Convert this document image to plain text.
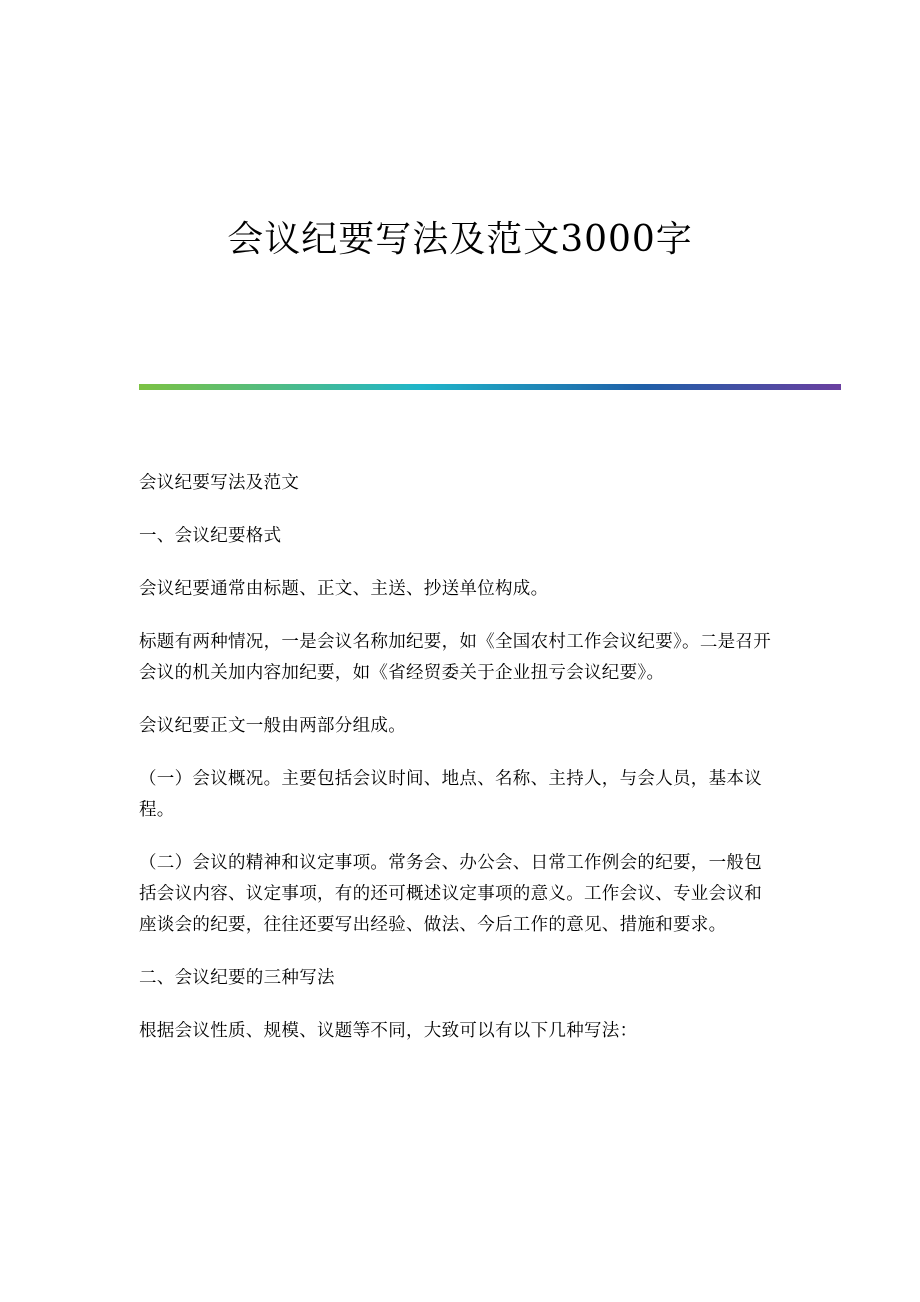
会议纪要写法及范文3000字

会议纪要写法及范文

一、会议纪要格式

会议纪要通常由标题、正文、主送、抄送单位构成。

标题有两种情况，一是会议名称加纪要，如《全国农村工作会议纪要》。二是召开会议的机关加内容加纪要，如《省经贸委关于企业扭亏会议纪要》。

会议纪要正文一般由两部分组成。

（一）会议概况。主要包括会议时间、地点、名称、主持人，与会人员，基本议程。

（二）会议的精神和议定事项。常务会、办公会、日常工作例会的纪要，一般包括会议内容、议定事项，有的还可概述议定事项的意义。工作会议、专业会议和座谈会的纪要，往往还要写出经验、做法、今后工作的意见、措施和要求。

二、会议纪要的三种写法

根据会议性质、规模、议题等不同，大致可以有以下几种写法：
